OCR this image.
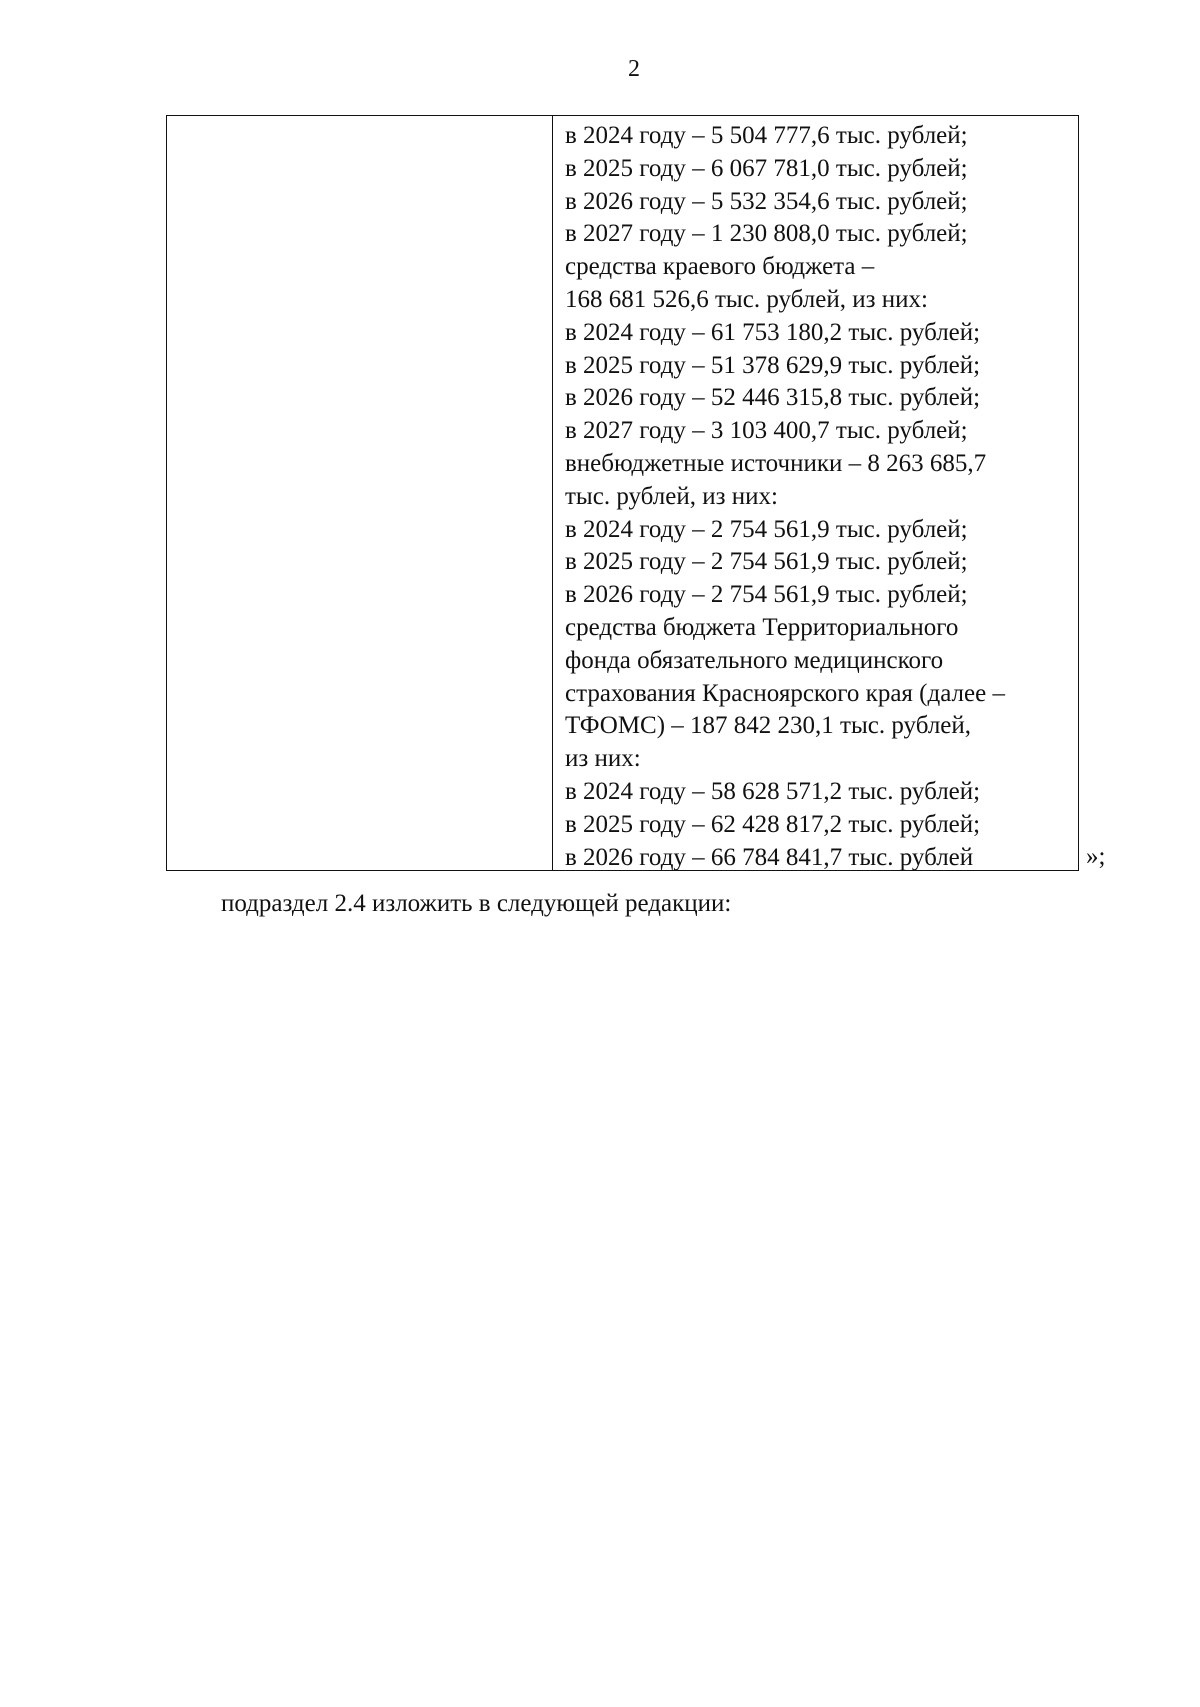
2
в 2024 году – 5 504 777,6 тыс. рублей;
в 2025 году – 6 067 781,0 тыс. рублей;
в 2026 году – 5 532 354,6 тыс. рублей;
в 2027 году – 1 230 808,0 тыс. рублей;
средства краевого бюджета –
168 681 526,6 тыс. рублей, из них:
в 2024 году – 61 753 180,2 тыс. рублей;
в 2025 году – 51 378 629,9 тыс. рублей;
в 2026 году – 52 446 315,8 тыс. рублей;
в 2027 году – 3 103 400,7 тыс. рублей;
внебюджетные источники – 8 263 685,7
тыс. рублей, из них:
в 2024 году – 2 754 561,9 тыс. рублей;
в 2025 году – 2 754 561,9 тыс. рублей;
в 2026 году – 2 754 561,9 тыс. рублей;
средства бюджета Территориального
фонда обязательного медицинского
страхования Красноярского края (далее –
ТФОМС) – 187 842 230,1 тыс. рублей,
из них:
в 2024 году – 58 628 571,2 тыс. рублей;
в 2025 году – 62 428 817,2 тыс. рублей;
в 2026 году – 66 784 841,7 тыс. рублей	»;
подраздел 2.4 изложить в следующей редакции:
